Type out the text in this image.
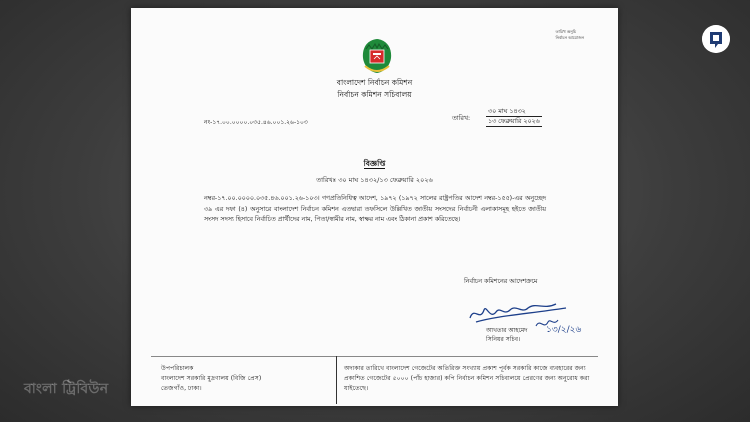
তারিখ অনুচি
নির্বাচন আয়োজন
বাংলাদেশ নির্বাচন কমিশন
নির্বাচন কমিশন সচিবালয়
নং-১৭.০০.০০০০.০৩৫.৪৬.০০১.২৬-১০৩
তারিখ:
৩০ মাঘ ১৪৩২
১৩ ফেব্রুয়ারি ২০২৬
বিজ্ঞপ্তি
তারিখঃ ৩০ মাঘ ১৪৩২/১৩ ফেব্রুয়ারি ২০২৬
নম্বর-১৭.০০.০০০০.০৩৫.৪৬.০০১.২৬-১০৩। গণপ্রতিনিধিত্ব আদেশ, ১৯৭২ (১৯৭২ সালের রাষ্ট্রপতির আদেশ নম্বর-১৫৫)-এর অনুচ্ছেদ ৩৯ এর দফা (৪) অনুসারে বাংলাদেশ নির্বাচন কমিশন এতদ্বারা তফসিলে উল্লিখিত জাতীয় সংসদের নির্বাচনী এলাকাসমূহ হইতে জাতীয় সংসদ সদস্য হিসাবে নির্বাচিত প্রার্থীদের নাম, পিতা/স্বামীর নাম, স্বাক্ষর নাম এবং ঠিকানা প্রকাশ করিতেছে।
নির্বাচন কমিশনের আদেশক্রমে
১৩/২/২৬
আখতার আহমেদ
সিনিয়র সচিব।
উপপরিচালক
বাংলাদেশ সরকারি মুদ্রণালয় (বিজি প্রেস)
তেজগাঁও, ঢাকা।
অদ্যকার তারিখে বাংলাদেশ গেজেটের অতিরিক্ত সংখ্যায় প্রকাশ পূর্বক সরকারি কাজে ব্যবহারের জন্য প্রকাশিত গেজেটের ৫০০০ (পাঁচ হাজার) কপি নির্বাচন কমিশন সচিবালয়ে প্রেরণের জন্য অনুরোধ করা যাইতেছে।
বাংলা ট্রিবিউন
